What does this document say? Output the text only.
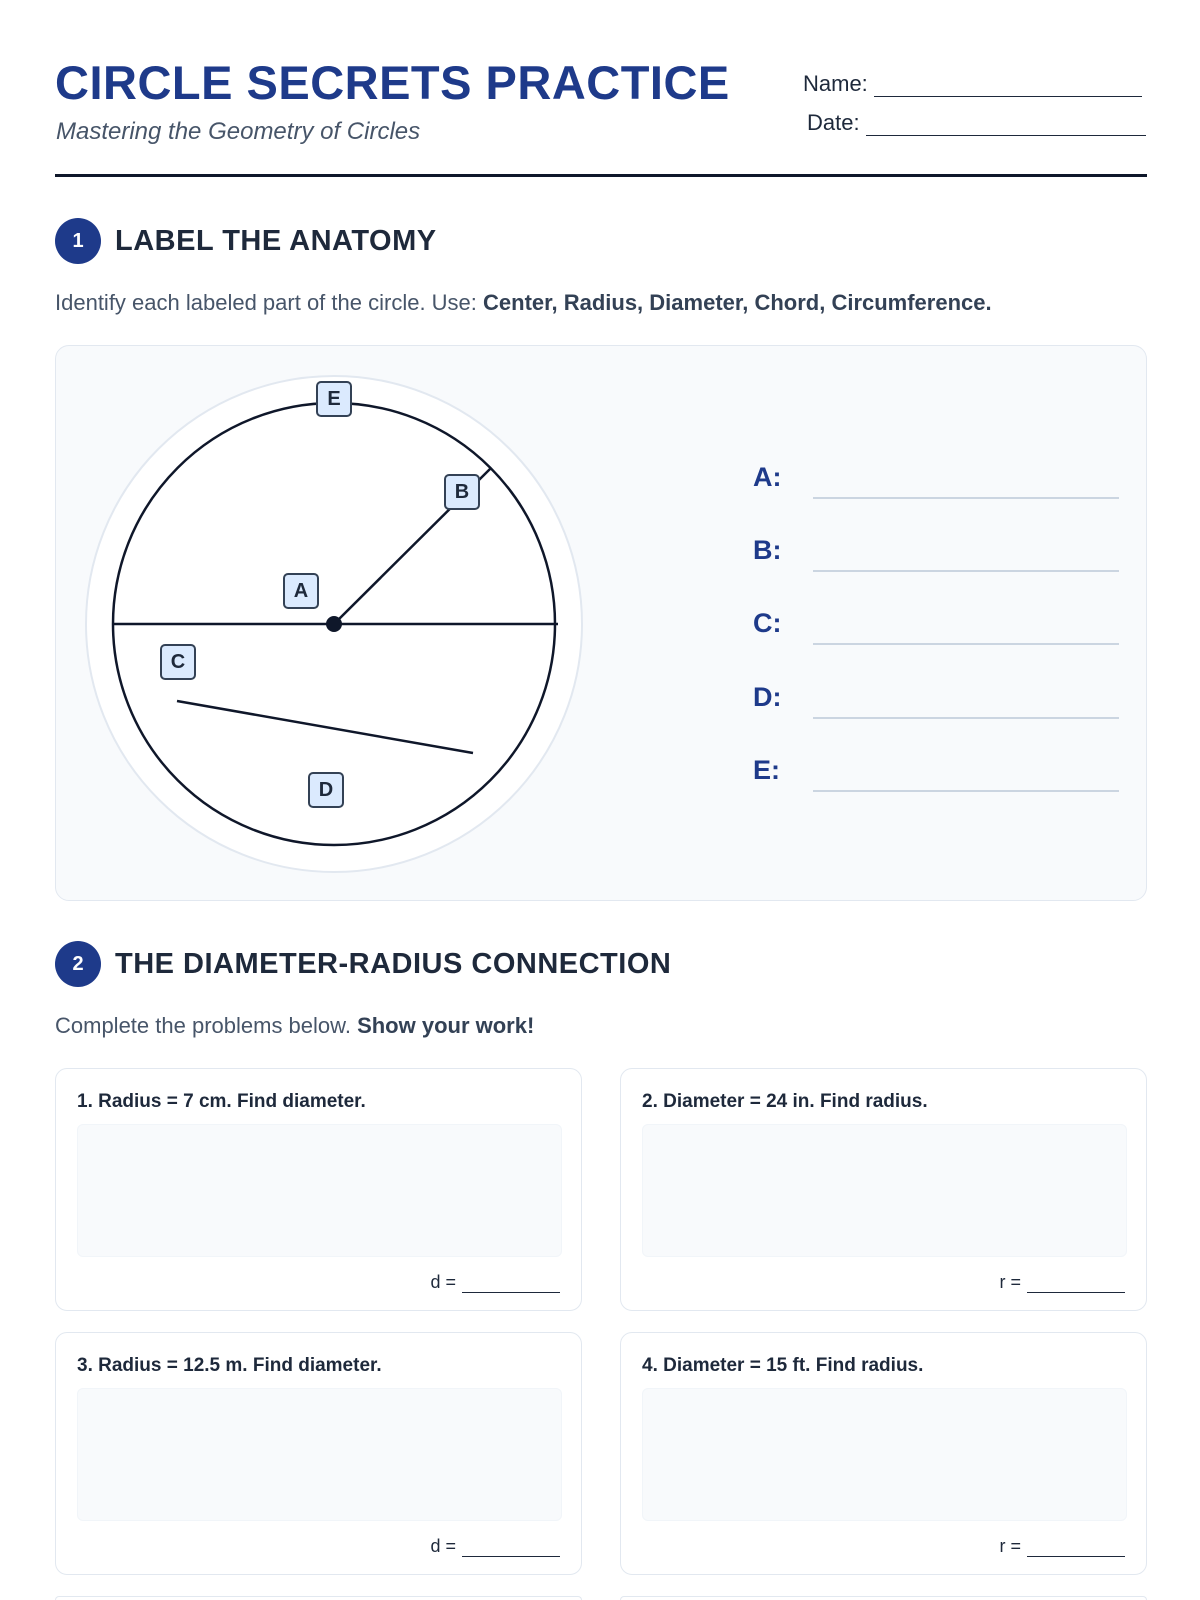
CIRCLE SECRETS PRACTICE
Mastering the Geometry of Circles
Name:
Date:
1	LABEL THE ANATOMY
Identify each labeled part of the circle. Use: Center, Radius, Diameter, Chord, Circumference.
E
B
A
C
D
A:
B:
C:
D:
E:
2	THE DIAMETER-RADIUS CONNECTION
Complete the problems below. Show your work!
1. Radius = 7 cm. Find diameter.
d =
2. Diameter = 24 in. Find radius.
r =
3. Radius = 12.5 m. Find diameter.
d =
4. Diameter = 15 ft. Find radius.
r =
